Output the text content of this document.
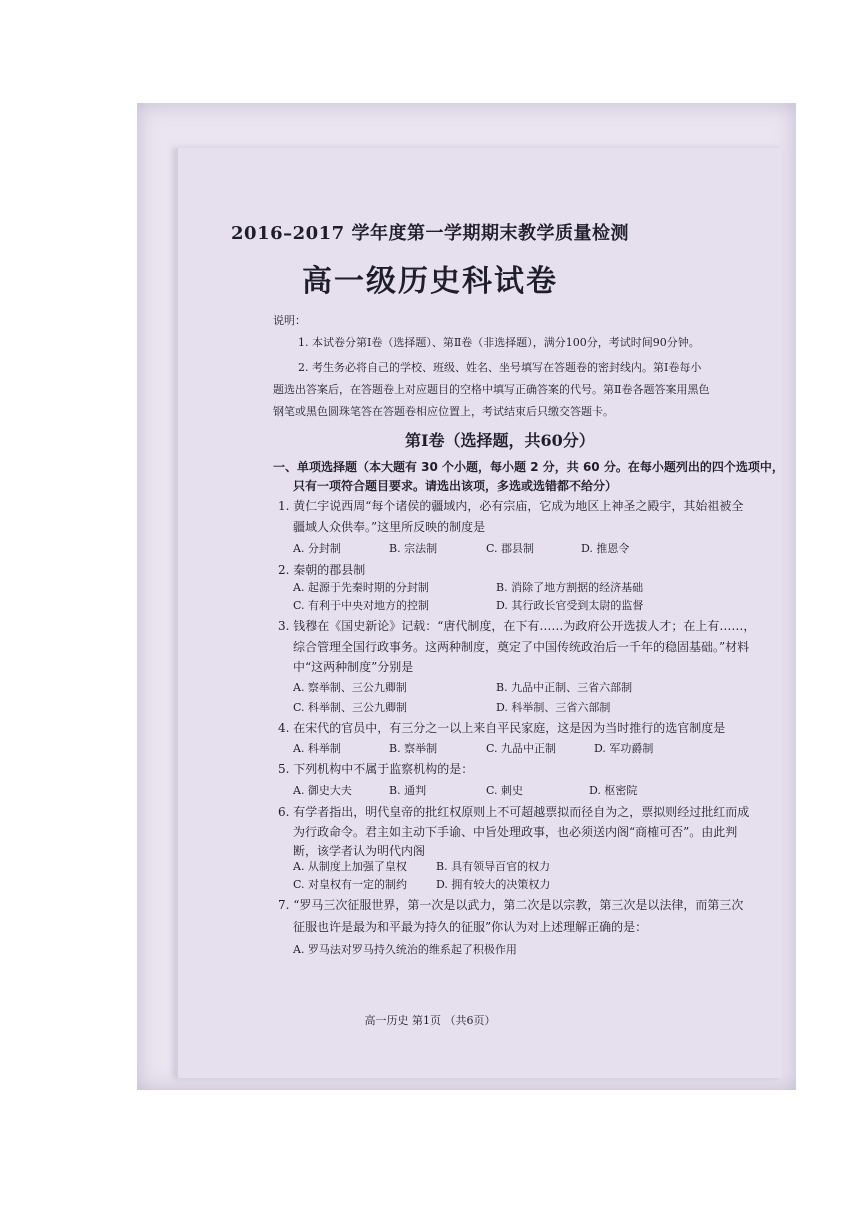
2016–2017 学年度第一学期期末教学质量检测
高一级历史科试卷
说明：
1. 本试卷分第Ⅰ卷（选择题）、第Ⅱ卷（非选择题），满分100分，考试时间90分钟。
2. 考生务必将自己的学校、班级、姓名、坐号填写在答题卷的密封线内。第Ⅰ卷每小
题选出答案后，在答题卷上对应题目的空格中填写正确答案的代号。第Ⅱ卷各题答案用黑色
钢笔或黑色圆珠笔答在答题卷相应位置上，考试结束后只缴交答题卡。
第Ⅰ卷（选择题，共60分）
一、单项选择题（本大题有 30 个小题，每小题 2 分，共 60 分。在每小题列出的四个选项中，
只有一项符合题目要求。请选出该项，多选或选错都不给分）
1. 黄仁宇说西周“每个诸侯的疆域内，必有宗庙，它成为地区上神圣之殿宇，其始祖被全
疆域人众供奉。”这里所反映的制度是
A. 分封制	B. 宗法制	C. 郡县制	D. 推恩令
2. 秦朝的郡县制
A. 起源于先秦时期的分封制	B. 消除了地方割据的经济基础
C. 有利于中央对地方的控制	D. 其行政长官受到太尉的监督
3. 钱穆在《国史新论》记载：“唐代制度，在下有……为政府公开选拔人才；在上有……，
综合管理全国行政事务。这两种制度，奠定了中国传统政治后一千年的稳固基础。”材料
中“这两种制度”分别是
A. 察举制、三公九卿制	B. 九品中正制、三省六部制
C. 科举制、三公九卿制	D. 科举制、三省六部制
4. 在宋代的官员中，有三分之一以上来自平民家庭，这是因为当时推行的选官制度是
A. 科举制	B. 察举制	C. 九品中正制	D. 军功爵制
5. 下列机构中不属于监察机构的是：
A. 御史大夫	B. 通判	C. 刺史	D. 枢密院
6. 有学者指出，明代皇帝的批红权原则上不可超越票拟而径自为之，票拟则经过批红而成
为行政命令。君主如主动下手谕、中旨处理政事，也必须送内阁“商榷可否”。由此判
断，该学者认为明代内阁
A. 从制度上加强了皇权	B. 具有领导百官的权力
C. 对皇权有一定的制约	D. 拥有较大的决策权力
7. “罗马三次征服世界，第一次是以武力，第二次是以宗教，第三次是以法律，而第三次
征服也许是最为和平最为持久的征服”你认为对上述理解正确的是：
A. 罗马法对罗马持久统治的维系起了积极作用
高一历史 第1页 （共6页）
